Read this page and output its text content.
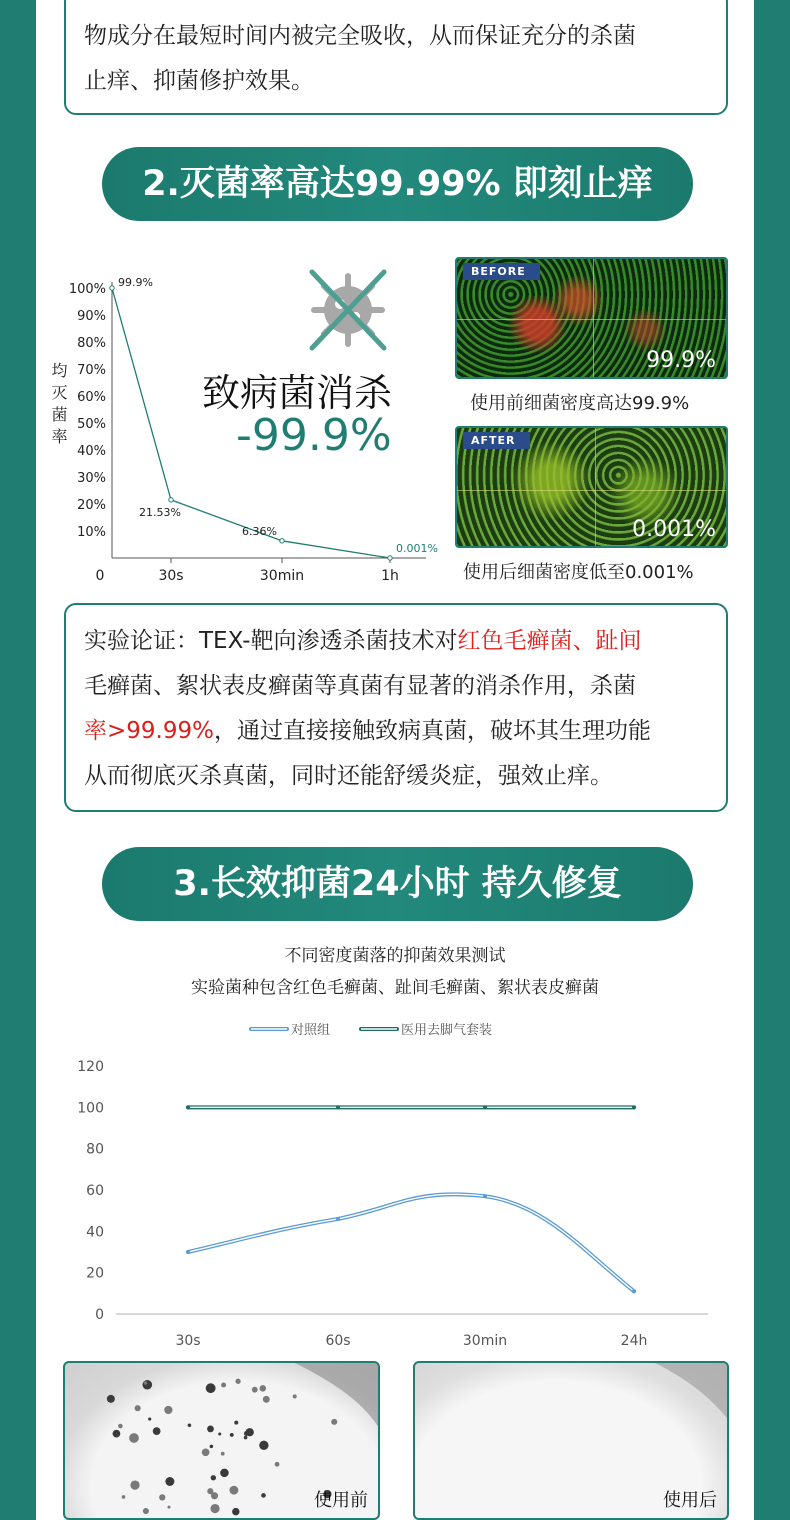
物成分在最短时间内被完全吸收，从而保证充分的杀菌

止痒、抑菌修护效果。

2.灭菌率高达99.99% 即刻止痒
10%
20%
30%
40%
50%
60%
70%
80%
90%
100%
0	30s	30min	1h
99.9%
21.53%
6.36%
0.001%
均灭菌率	致病菌消杀
-99.9%
BEFORE
99.9%
使用前细菌密度高达99.9%
AFTER
0.001%
使用后细菌密度低至0.001%

实验论证：TEX-靶向渗透杀菌技术对红色毛癣菌、趾间

毛癣菌、絮状表皮癣菌等真菌有显著的消杀作用，杀菌

率>99.99%，通过直接接触致病真菌，破坏其生理功能

从而彻底灭杀真菌，同时还能舒缓炎症，强效止痒。

3.长效抑菌24小时 持久修复
不同密度菌落的抑菌效果测试
实验菌种包含红色毛癣菌、趾间毛癣菌、絮状表皮癣菌
对照组	医用去脚气套装
0
20
40
60
80
100
120
30s	60s	30min	24h
使用前	使用后
